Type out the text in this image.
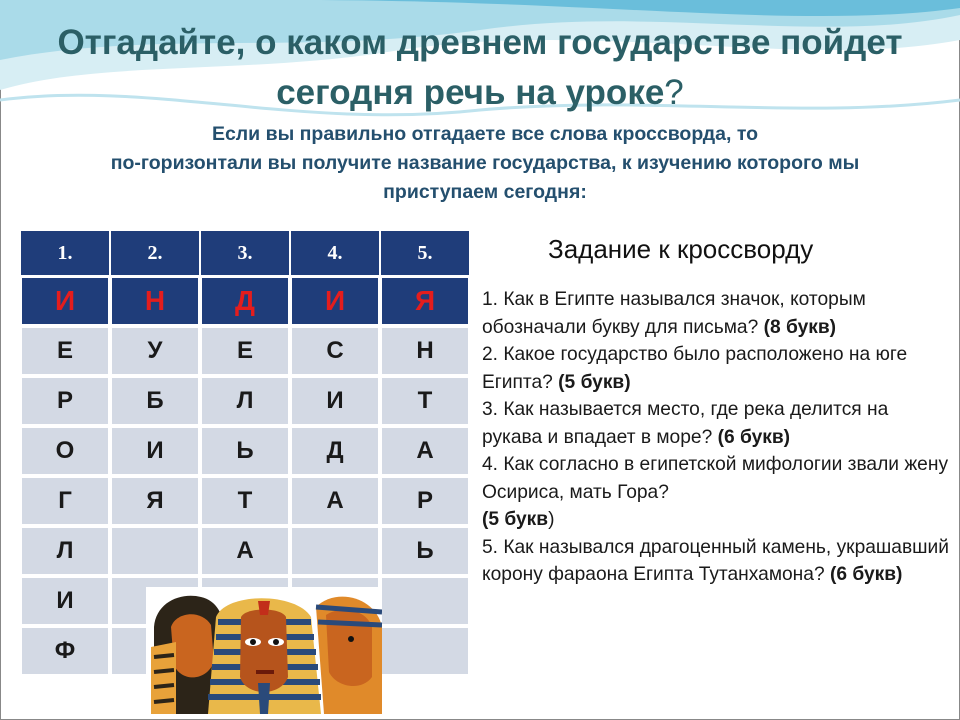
Отгадайте, о каком древнем государстве пойдет
сегодня речь на уроке?
Если вы правильно отгадаете все слова кроссворда, то
по-горизонтали вы получите название государства, к изучению которого мы
приступаем сегодня:
1.	2.	3.	4.	5.

И	Н	Д	И	Я
Е	У	Е	С	Н
Р	Б	Л	И	Т
О	И	Ь	Д	А
Г	Я	Т	А	Р
Л		А		Ь
И				
Ф				
Задание к кроссворду
1. Как в Египте назывался значок, которым обозначали букву для письма? (8 букв)
2. Какое государство было расположено на юге Египта? (5 букв)
3. Как называется место, где река делится на рукава и впадает в море? (6 букв)
4. Как согласно в египетской мифологии звали жену Осириса, мать Гора?
(5 букв)
5. Как назывался драгоценный камень, украшавший корону фараона Египта Тутанхамона? (6 букв)
